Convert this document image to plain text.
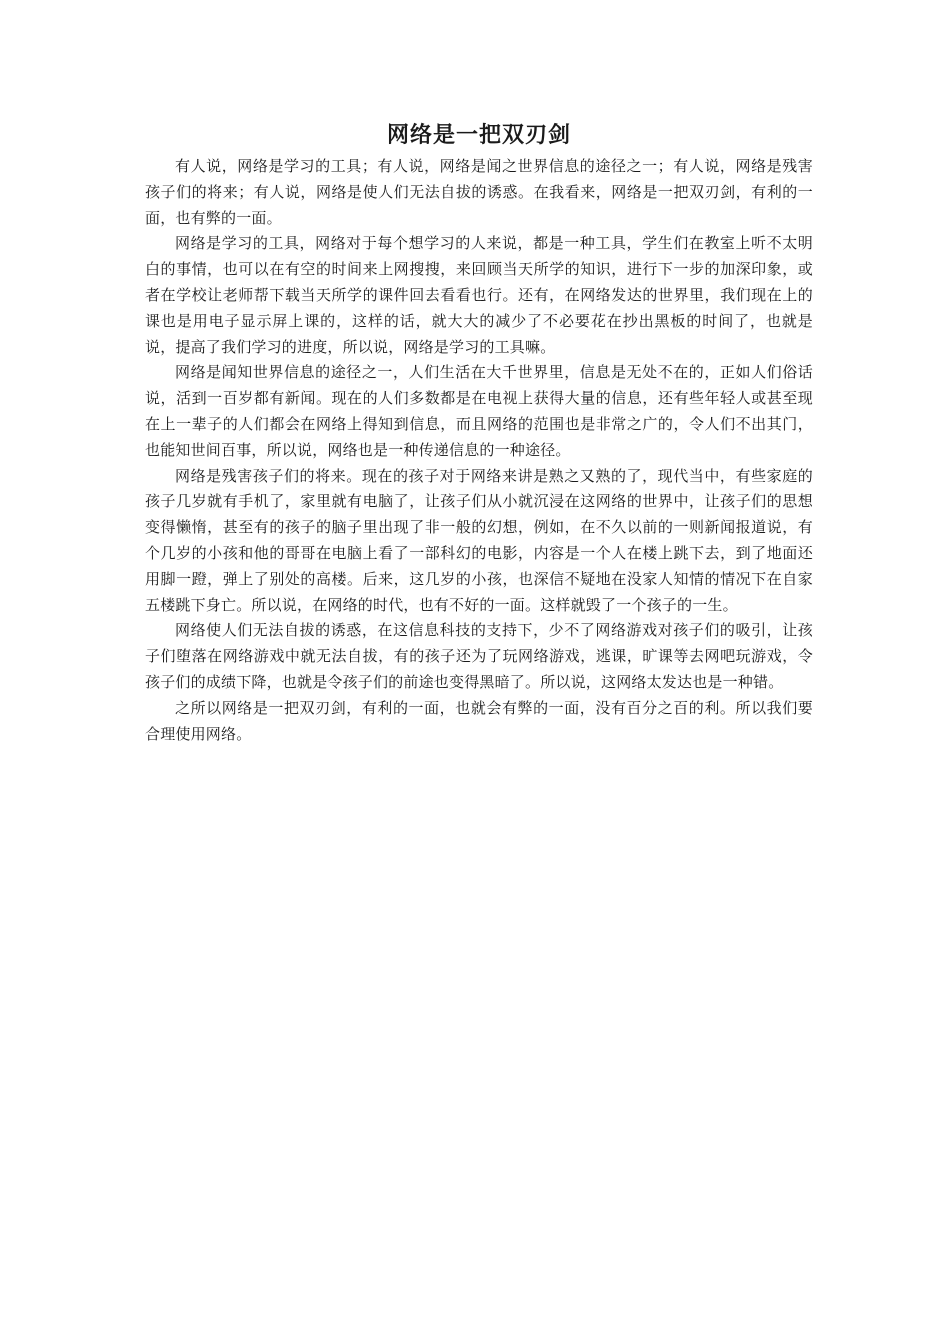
网络是一把双刃剑

有人说，网络是学习的工具；有人说，网络是闻之世界信息的途径之一；有人说，网络是残害孩子们的将来；有人说，网络是使人们无法自拔的诱惑。在我看来，网络是一把双刃剑，有利的一面，也有弊的一面。

网络是学习的工具，网络对于每个想学习的人来说，都是一种工具，学生们在教室上听不太明白的事情，也可以在有空的时间来上网搜搜，来回顾当天所学的知识，进行下一步的加深印象，或者在学校让老师帮下载当天所学的课件回去看看也行。还有，在网络发达的世界里，我们现在上的课也是用电子显示屏上课的，这样的话，就大大的减少了不必要花在抄出黑板的时间了，也就是说，提高了我们学习的进度，所以说，网络是学习的工具嘛。

网络是闻知世界信息的途径之一，人们生活在大千世界里，信息是无处不在的，正如人们俗话说，活到一百岁都有新闻。现在的人们多数都是在电视上获得大量的信息，还有些年轻人或甚至现在上一辈子的人们都会在网络上得知到信息，而且网络的范围也是非常之广的，令人们不出其门，也能知世间百事，所以说，网络也是一种传递信息的一种途径。

网络是残害孩子们的将来。现在的孩子对于网络来讲是熟之又熟的了，现代当中，有些家庭的孩子几岁就有手机了，家里就有电脑了，让孩子们从小就沉浸在这网络的世界中，让孩子们的思想变得懒惰，甚至有的孩子的脑子里出现了非一般的幻想，例如，在不久以前的一则新闻报道说，有个几岁的小孩和他的哥哥在电脑上看了一部科幻的电影，内容是一个人在楼上跳下去，到了地面还用脚一蹬，弹上了别处的高楼。后来，这几岁的小孩，也深信不疑地在没家人知情的情况下在自家五楼跳下身亡。所以说，在网络的时代，也有不好的一面。这样就毁了一个孩子的一生。

网络使人们无法自拔的诱惑，在这信息科技的支持下，少不了网络游戏对孩子们的吸引，让孩子们堕落在网络游戏中就无法自拔，有的孩子还为了玩网络游戏，逃课，旷课等去网吧玩游戏，令孩子们的成绩下降，也就是令孩子们的前途也变得黑暗了。所以说，这网络太发达也是一种错。

之所以网络是一把双刃剑，有利的一面，也就会有弊的一面，没有百分之百的利。所以我们要合理使用网络。
